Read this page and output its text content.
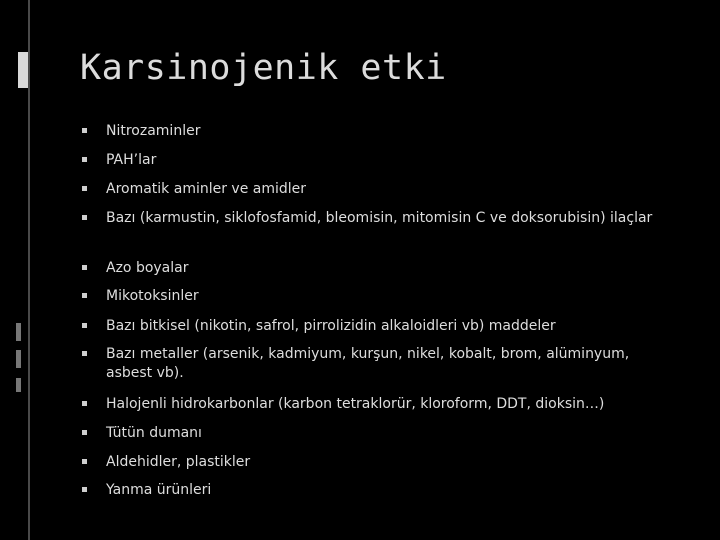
Karsinojenik etki
Nitrozaminler
PAH’lar
Aromatik aminler ve amidler
Bazı (karmustin, siklofosfamid, bleomisin, mitomisin C ve doksorubisin) ilaçlar
Azo boyalar
Mikotoksinler
Bazı bitkisel (nikotin, safrol, pirrolizidin alkaloidleri vb) maddeler
Bazı metaller (arsenik, kadmiyum, kurşun, nikel, kobalt, brom, alüminyum, asbest vb).
Halojenli hidrokarbonlar (karbon tetraklorür, kloroform, DDT, dioksin…)
Tütün dumanı
Aldehidler, plastikler
Yanma ürünleri
